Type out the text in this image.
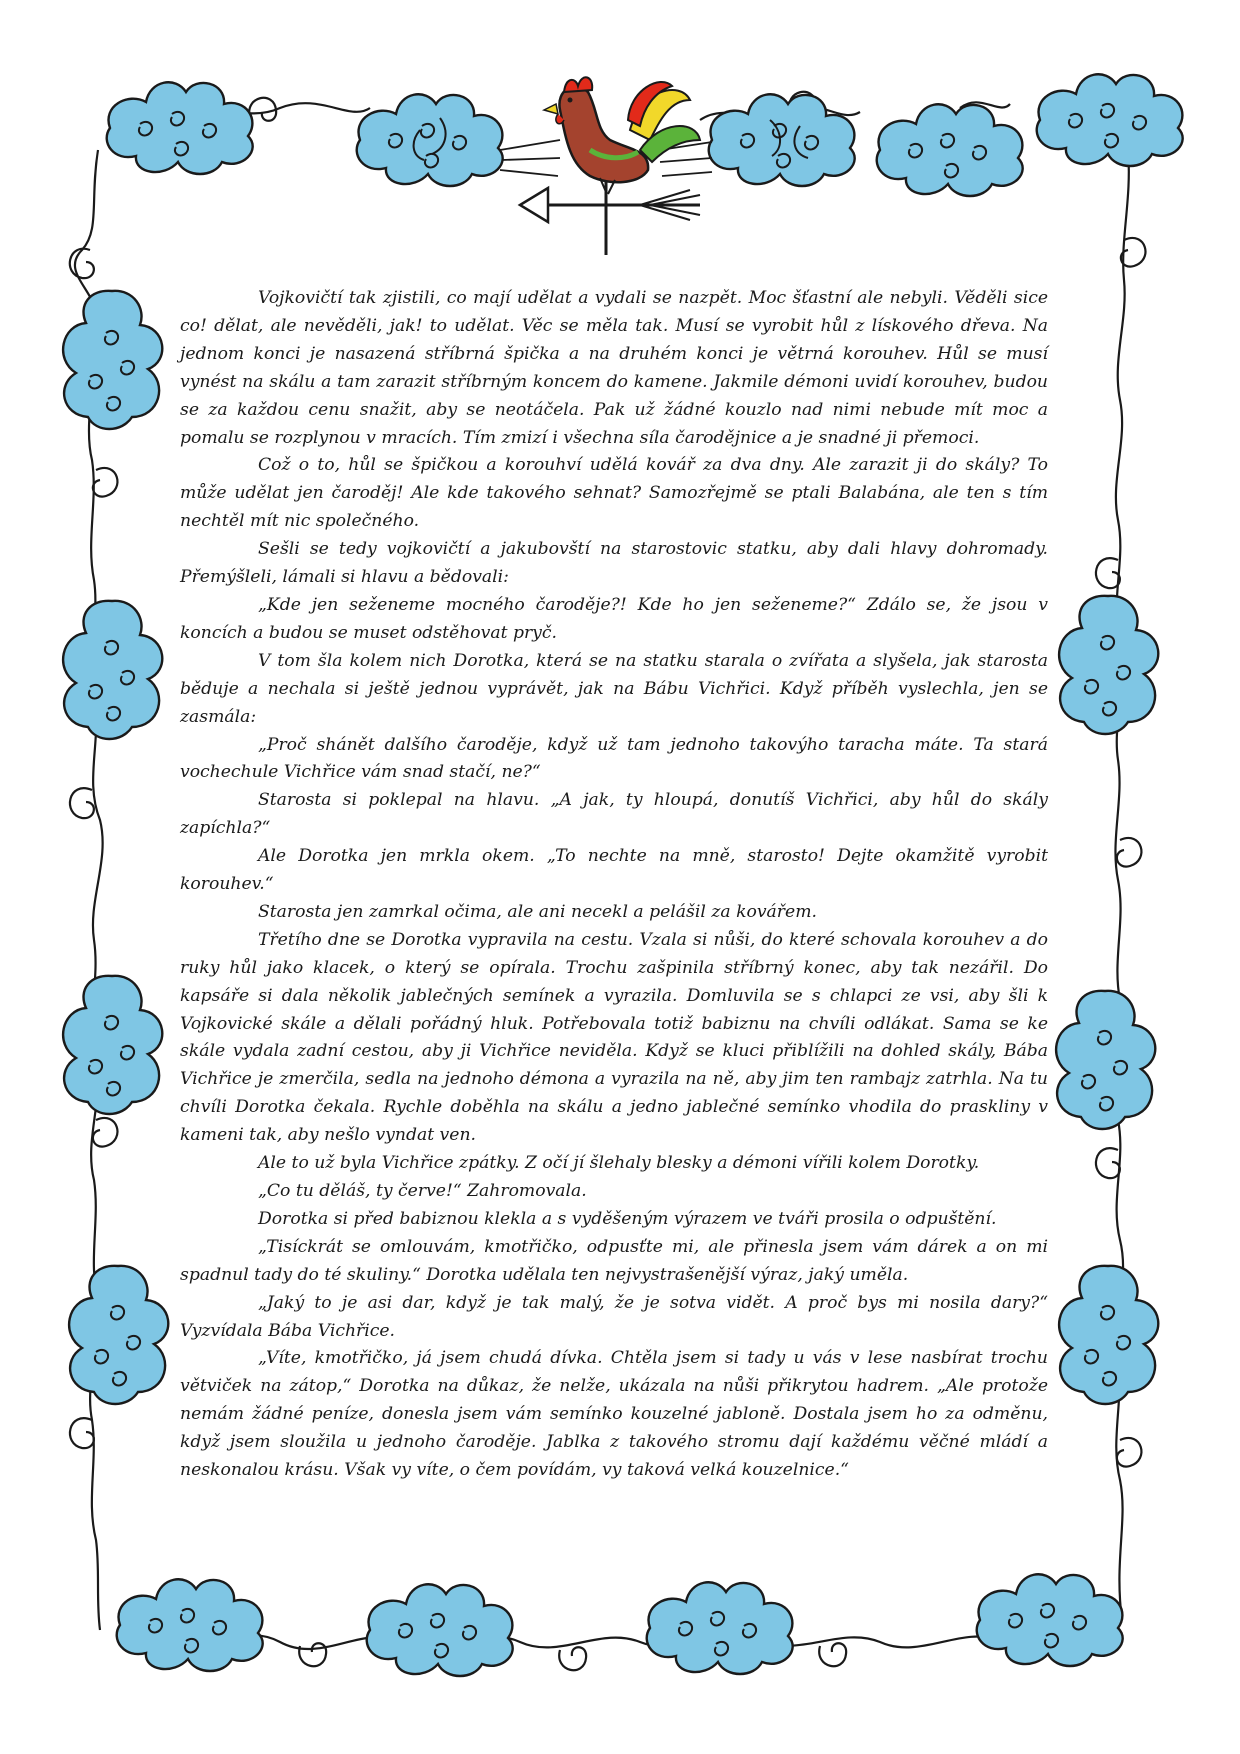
Vojkovičtí tak zjistili, co mají udělat a vydali se nazpět. Moc šťastní ale nebyli. Věděli sice co! dělat, ale nevěděli, jak! to udělat. Věc se měla tak. Musí se vyrobit hůl z lískového dřeva. Na jednom konci je nasazená stříbrná špička a na druhém konci je větrná korouhev. Hůl se musí vynést na skálu a tam zarazit stříbrným koncem do kamene. Jakmile démoni uvidí korouhev, budou se za každou cenu snažit, aby se neotáčela. Pak už žádné kouzlo nad nimi nebude mít moc a pomalu se rozplynou v mracích. Tím zmizí i všechna síla čarodějnice a je snadné ji přemoci.

Což o to, hůl se špičkou a korouhví udělá kovář za dva dny. Ale zarazit ji do skály? To může udělat jen čaroděj! Ale kde takového sehnat? Samozřejmě se ptali Balabána, ale ten s tím nechtěl mít nic společného.

Sešli se tedy vojkovičtí a jakubovští na starostovic statku, aby dali hlavy dohromady. Přemýšleli, lámali si hlavu a bědovali:

„Kde jen seženeme mocného čaroděje?! Kde ho jen seženeme?“ Zdálo se, že jsou v koncích a budou se muset odstěhovat pryč.

V tom šla kolem nich Dorotka, která se na statku starala o zvířata a slyšela, jak starosta běduje a nechala si ještě jednou vyprávět, jak na Bábu Vichřici. Když příběh vyslechla, jen se zasmála:

„Proč shánět dalšího čaroděje, když už tam jednoho takovýho taracha máte. Ta stará vochechule Vichřice vám snad stačí, ne?“

Starosta si poklepal na hlavu. „A jak, ty hloupá, donutíš Vichřici, aby hůl do skály zapíchla?“

Ale Dorotka jen mrkla okem. „To nechte na mně, starosto! Dejte okamžitě vyrobit korouhev.“

Starosta jen zamrkal očima, ale ani necekl a pelášil za kovářem.

Třetího dne se Dorotka vypravila na cestu. Vzala si nůši, do které schovala korouhev a do ruky hůl jako klacek, o který se opírala. Trochu zašpinila stříbrný konec, aby tak nezářil. Do kapsáře si dala několik jablečných semínek a vyrazila. Domluvila se s chlapci ze vsi, aby šli k Vojkovické skále a dělali pořádný hluk. Potřebovala totiž babiznu na chvíli odlákat. Sama se ke skále vydala zadní cestou, aby ji Vichřice neviděla. Když se kluci přiblížili na dohled skály, Bába Vichřice je zmerčila, sedla na jednoho démona a vyrazila na ně, aby jim ten rambajz zatrhla. Na tu chvíli Dorotka čekala. Rychle doběhla na skálu a jedno jablečné semínko vhodila do praskliny v kameni tak, aby nešlo vyndat ven.

Ale to už byla Vichřice zpátky. Z očí jí šlehaly blesky a démoni vířili kolem Dorotky.

„Co tu děláš, ty červe!“ Zahromovala.

Dorotka si před babiznou klekla a s vyděšeným výrazem ve tváři prosila o odpuštění.

„Tisíckrát se omlouvám, kmotřičko, odpusťte mi, ale přinesla jsem vám dárek a on mi spadnul tady do té skuliny.“ Dorotka udělala ten nejvystrašenější výraz, jaký uměla.

„Jaký to je asi dar, když je tak malý, že je sotva vidět. A proč bys mi nosila dary?“ Vyzvídala Bába Vichřice.

„Víte, kmotřičko, já jsem chudá dívka. Chtěla jsem si tady u vás v lese nasbírat trochu větviček na zátop,“ Dorotka na důkaz, že nelže, ukázala na nůši přikrytou hadrem. „Ale protože nemám žádné peníze, donesla jsem vám semínko kouzelné jabloně. Dostala jsem ho za odměnu, když jsem sloužila u jednoho čaroděje. Jablka z takového stromu dají každému věčné mládí a neskonalou krásu. Však vy víte, o čem povídám, vy taková velká kouzelnice.“
